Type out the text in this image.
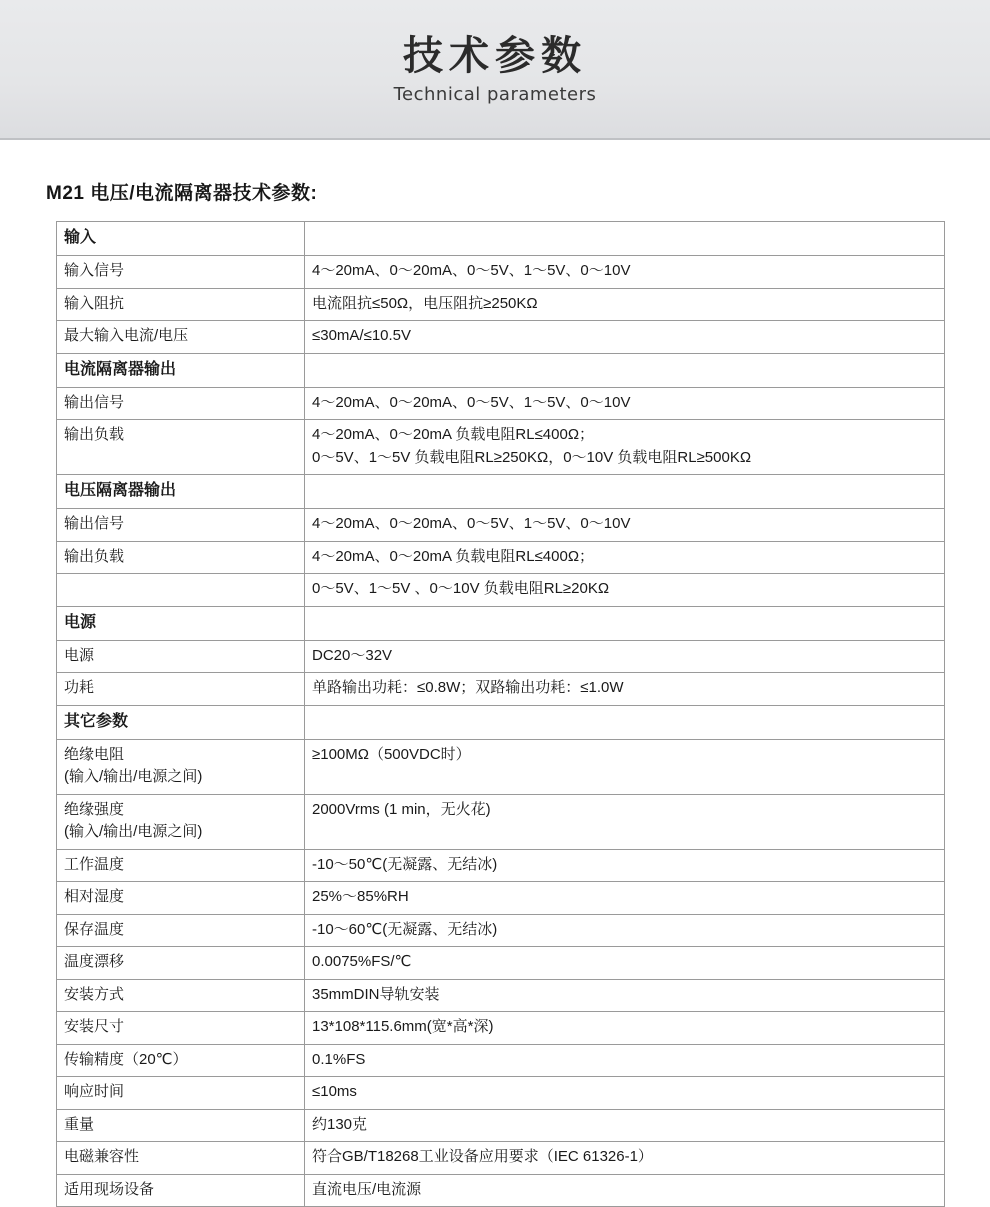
技术参数
Technical parameters
M21 电压/电流隔离器技术参数:
输入	
输入信号	4～20mA、0～20mA、0～5V、1～5V、0～10V
输入阻抗	电流阻抗≤50Ω，电压阻抗≥250KΩ
最大输入电流/电压	≤30mA/≤10.5V
电流隔离器输出	
输出信号	4～20mA、0～20mA、0～5V、1～5V、0～10V
输出负载	4～20mA、0～20mA 负载电阻RL≤400Ω；
0～5V、1～5V 负载电阻RL≥250KΩ，0～10V 负载电阻RL≥500KΩ

电压隔离器输出	
输出信号	4～20mA、0～20mA、0～5V、1～5V、0～10V
输出负载	4～20mA、0～20mA 负载电阻RL≤400Ω；
	0～5V、1～5V 、0～10V 负载电阻RL≥20KΩ
电源	
电源	DC20～32V
功耗	单路输出功耗：≤0.8W；双路输出功耗：≤1.0W
其它参数	
绝缘电阻
(输入/输出/电源之间)	≥100MΩ（500VDC时）
绝缘强度
(输入/输出/电源之间)	2000Vrms (1 min，无火花)
工作温度	-10～50℃(无凝露、无结冰)
相对湿度	25%～85%RH
保存温度	-10～60℃(无凝露、无结冰)
温度漂移	0.0075%FS/℃
安装方式	35mmDIN导轨安装
安装尺寸	13*108*115.6mm(宽*高*深)
传输精度（20℃）	0.1%FS
响应时间	≤10ms
重量	约130克
电磁兼容性	符合GB/T18268工业设备应用要求（IEC 61326-1）
适用现场设备	直流电压/电流源
